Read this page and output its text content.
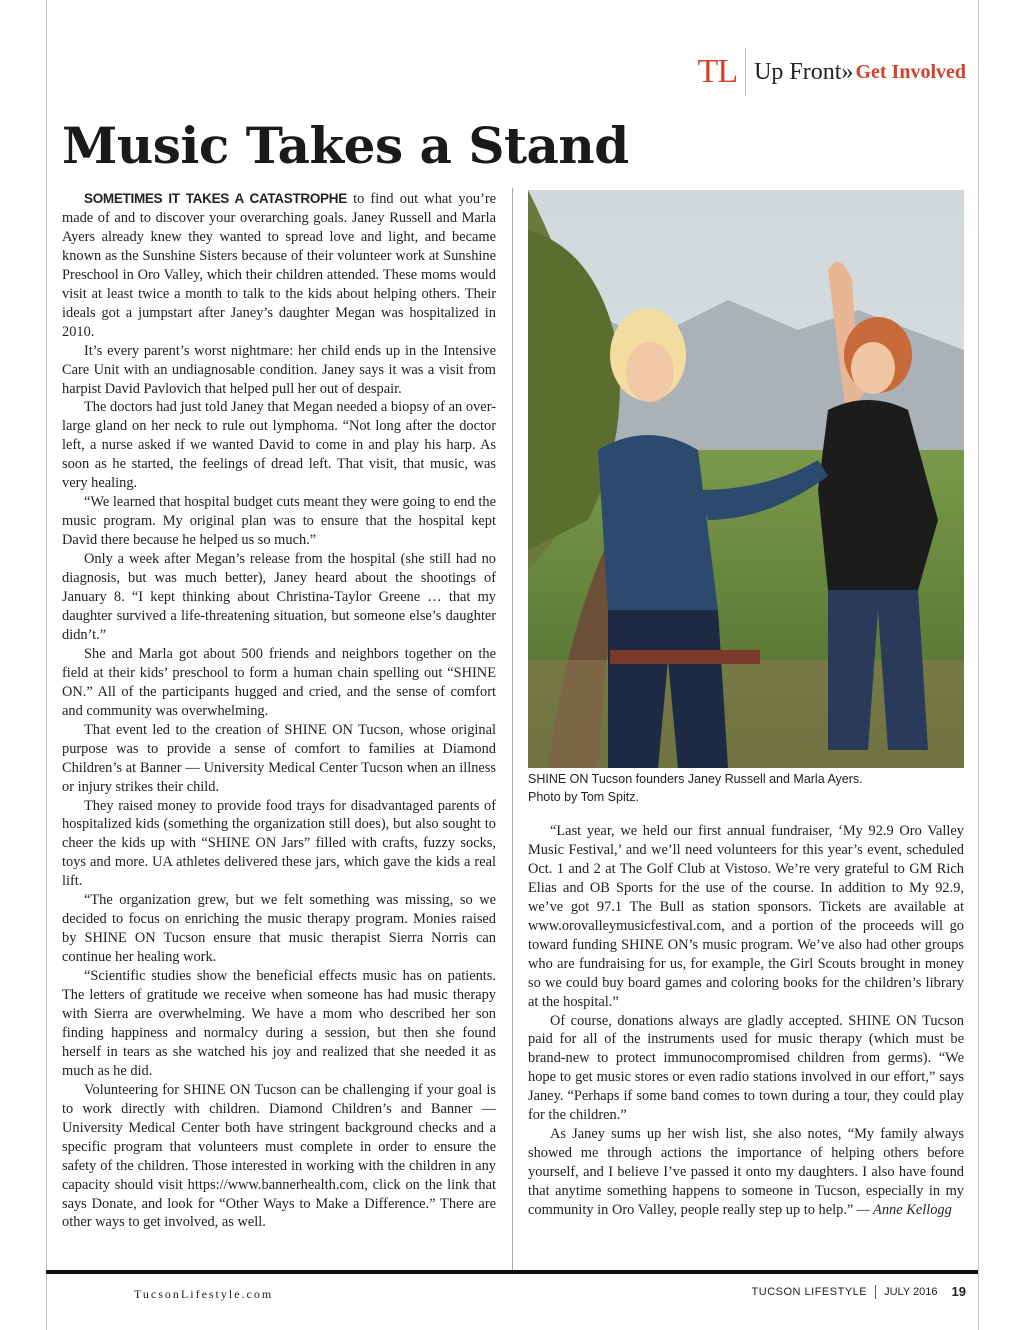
TL Up Front» Get Involved
Music Takes a Stand

SOMETIMES IT TAKES A CATASTROPHE to find out what you’re made of and to discover your overarching goals. Janey Russell and Marla Ayers already knew they wanted to spread love and light, and became known as the Sunshine Sisters because of their volunteer work at Sunshine Preschool in Oro Valley, which their children attended. These moms would visit at least twice a month to talk to the kids about helping others. Their ideals got a jumpstart after Janey’s daughter Megan was hospitalized in 2010.

It’s every parent’s worst nightmare: her child ends up in the Intensive Care Unit with an undiagnosable condition. Janey says it was a visit from harpist David Pavlovich that helped pull her out of despair.

The doctors had just told Janey that Megan needed a biopsy of an over-large gland on her neck to rule out lymphoma. “Not long after the doctor left, a nurse asked if we wanted David to come in and play his harp. As soon as he started, the feelings of dread left. That visit, that music, was very healing.

“We learned that hospital budget cuts meant they were going to end the music program. My original plan was to ensure that the hospital kept David there because he helped us so much.”

Only a week after Megan’s release from the hospital (she still had no diagnosis, but was much better), Janey heard about the shootings of January 8. “I kept thinking about Christina-Taylor Greene … that my daughter survived a life-threatening situation, but someone else’s daughter didn’t.”

She and Marla got about 500 friends and neighbors together on the field at their kids’ preschool to form a human chain spelling out “SHINE ON.” All of the participants hugged and cried, and the sense of comfort and community was overwhelming.

That event led to the creation of SHINE ON Tucson, whose original purpose was to provide a sense of comfort to families at Diamond Children’s at Banner — University Medical Center Tucson when an illness or injury strikes their child.

They raised money to provide food trays for disadvantaged parents of hospitalized kids (something the organization still does), but also sought to cheer the kids up with “SHINE ON Jars” filled with crafts, fuzzy socks, toys and more. UA athletes delivered these jars, which gave the kids a real lift.

“The organization grew, but we felt something was missing, so we decided to focus on enriching the music therapy program. Monies raised by SHINE ON Tucson ensure that music therapist Sierra Norris can continue her healing work.

“Scientific studies show the beneficial effects music has on patients. The letters of gratitude we receive when someone has had music therapy with Sierra are overwhelming. We have a mom who described her son finding happiness and normalcy during a session, but then she found herself in tears as she watched his joy and realized that she needed it as much as he did.

Volunteering for SHINE ON Tucson can be challenging if your goal is to work directly with children. Diamond Children’s and Banner — University Medical Center both have stringent background checks and a specific program that volunteers must complete in order to ensure the safety of the children. Those interested in working with the children in any capacity should visit https://www.bannerhealth.com, click on the link that says Donate, and look for “Other Ways to Make a Difference.” There are other ways to get involved, as well.

SHINE ON Tucson founders Janey Russell and Marla Ayers.
Photo by Tom Spitz.

“Last year, we held our first annual fundraiser, ‘My 92.9 Oro Valley Music Festival,’ and we’ll need volunteers for this year’s event, scheduled Oct. 1 and 2 at The Golf Club at Vistoso. We’re very grateful to GM Rich Elias and OB Sports for the use of the course. In addition to My 92.9, we’ve got 97.1 The Bull as station sponsors. Tickets are available at www.orovalleymusicfestival.com, and a portion of the proceeds will go toward funding SHINE ON’s music program. We’ve also had other groups who are fundraising for us, for example, the Girl Scouts brought in money so we could buy board games and coloring books for the children’s library at the hospital.”

Of course, donations always are gladly accepted. SHINE ON Tucson paid for all of the instruments used for music therapy (which must be brand-new to protect immunocompromised children from germs). “We hope to get music stores or even radio stations involved in our effort,” says Janey. “Perhaps if some band comes to town during a tour, they could play for the children.”

As Janey sums up her wish list, she also notes, “My family always showed me through actions the importance of helping others before yourself, and I believe I’ve passed it onto my daughters. I also have found that anytime something happens to someone in Tucson, especially in my community in Oro Valley, people really step up to help.” — Anne Kellogg

TucsonLifestyle.com	TUCSON LIFESTYLE JULY 2016 19
